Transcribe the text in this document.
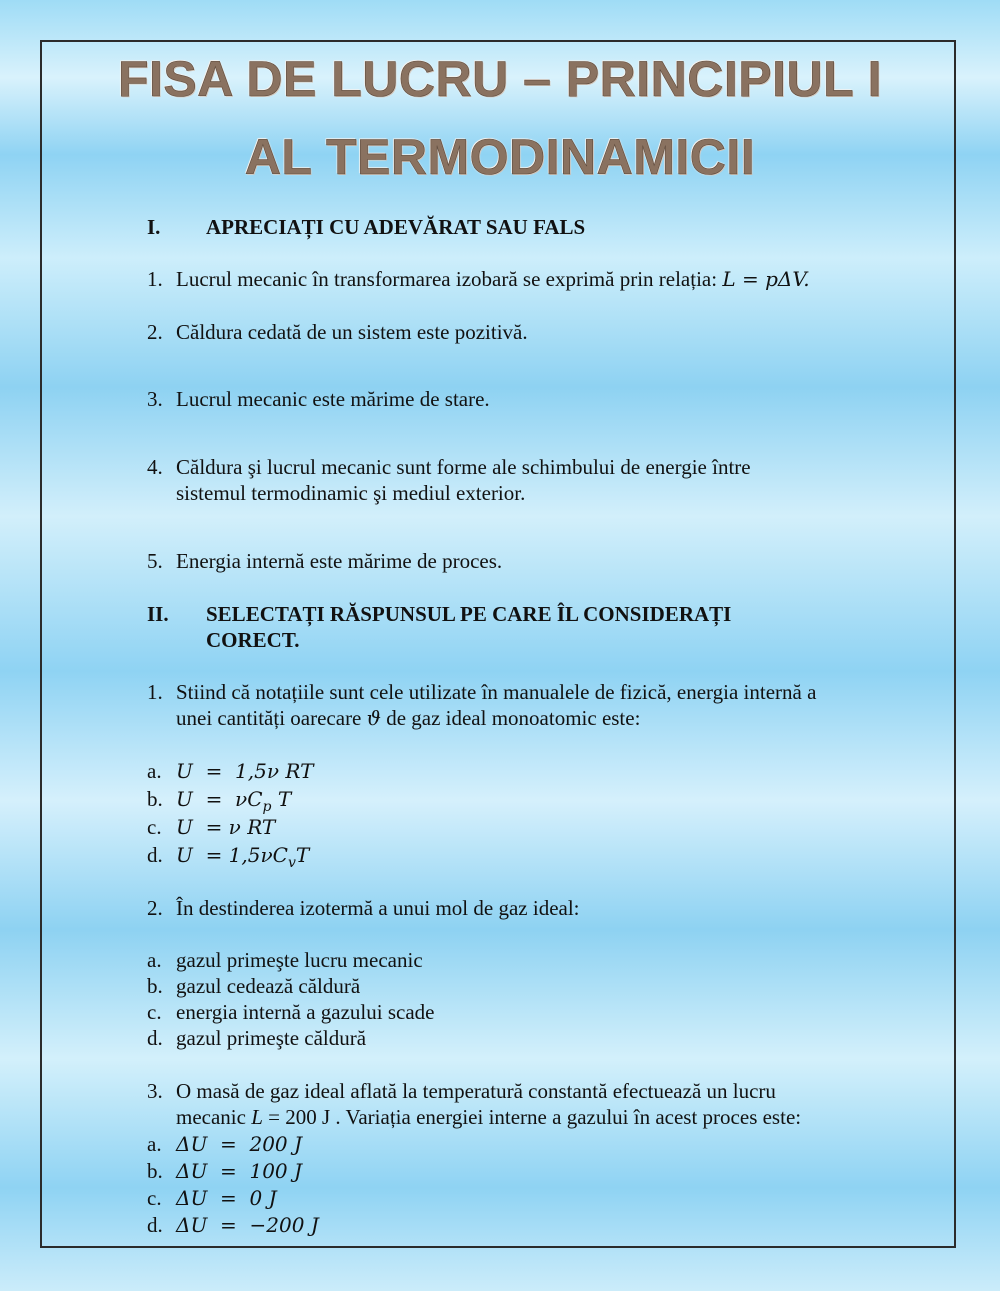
FISA DE LUCRU – PRINCIPIUL I
AL TERMODINAMICII
I. APRECIAȚI CU ADEVĂRAT SAU FALS
1. Lucrul mecanic în transformarea izobară se exprimă prin relația: L = pΔV.
2. Căldura cedată de un sistem este pozitivă.
3. Lucrul mecanic este mărime de stare.
4. Căldura şi lucrul mecanic sunt forme ale schimbului de energie între
sistemul termodinamic şi mediul exterior.
5. Energia internă este mărime de proces.
II. SELECTAȚI RĂSPUNSUL PE CARE ÎL CONSIDERAȚI
CORECT.
1. Stiind că notațiile sunt cele utilizate în manualele de fizică, energia internă a
unei cantități oarecare ϑ de gaz ideal monoatomic este:
a. U  =  1,5ν RT
b. $U = \nu C_p$ T
c. U  = ν RT
d. $U = 1,5\nu C_vT$
2. În destinderea izotermă a unui mol de gaz ideal:
a. gazul primeşte lucru mecanic
b. gazul cedează căldură
c. energia internă a gazului scade
d. gazul primeşte căldură
3. O masă de gaz ideal aflată la temperatură constantă efectuează un lucru
mecanic L = 200 J . Variația energiei interne a gazului în acest proces este:
a. ΔU  =  200 J
b. ΔU  =  100 J
c. ΔU  =  0 J
d. ΔU  =  −200 J
